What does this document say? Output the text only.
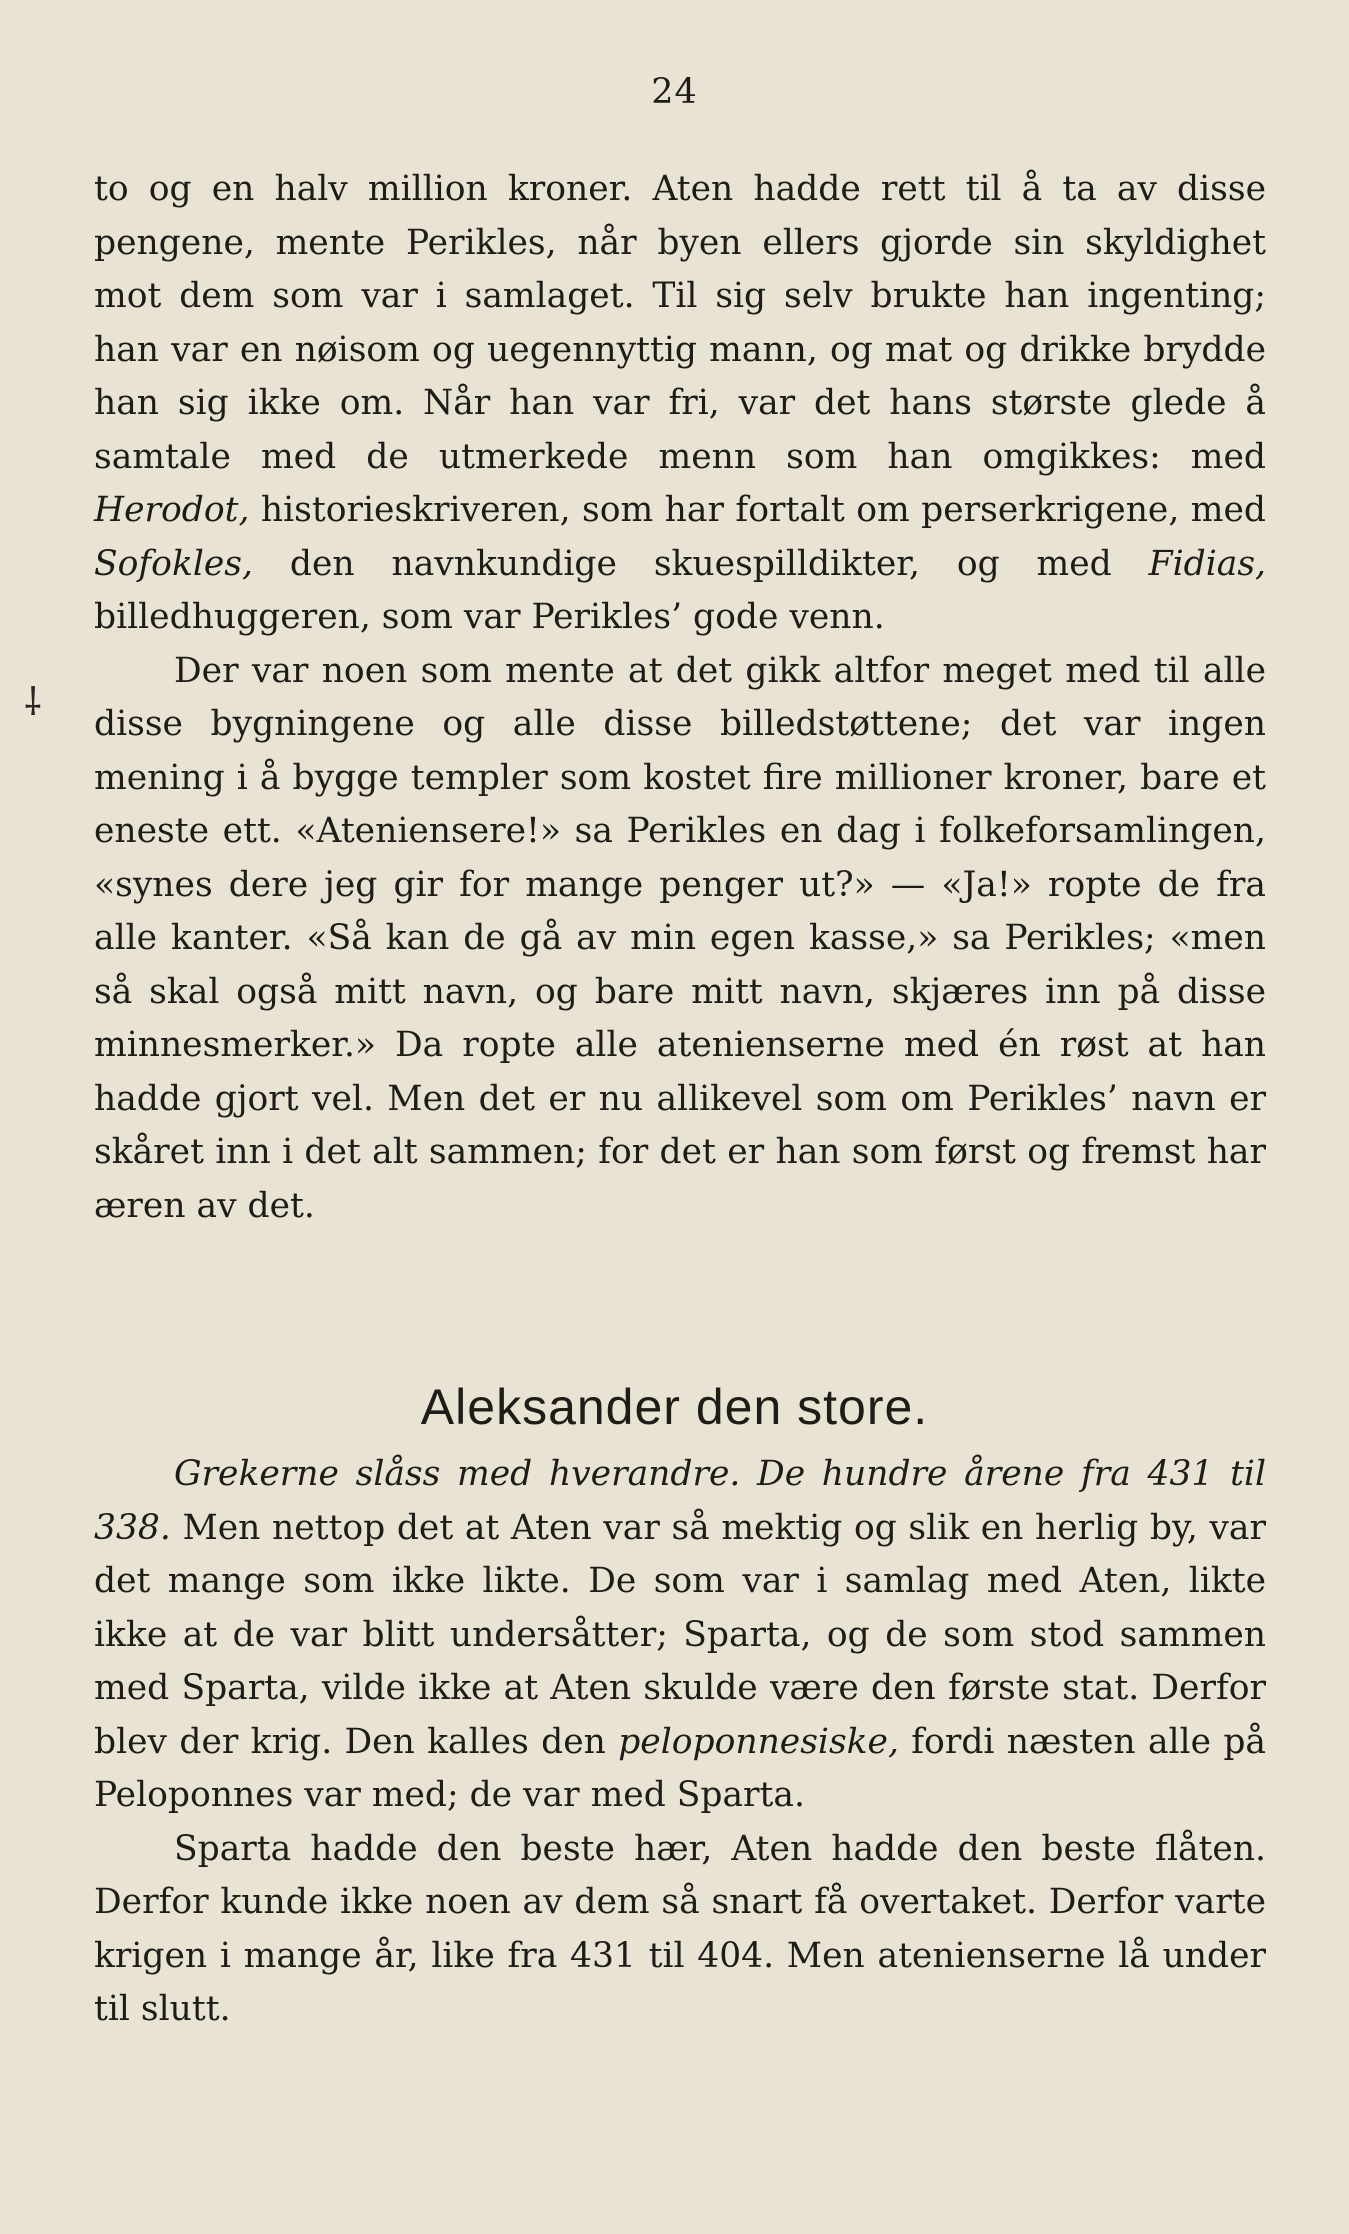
24

to og en halv million kroner. Aten hadde rett til å ta av disse pengene, mente Perikles, når byen ellers gjorde sin skyldighet mot dem som var i samlaget. Til sig selv brukte han ingenting; han var en nøisom og uegennyttig mann, og mat og drikke brydde han sig ikke om. Når han var fri, var det hans største glede å samtale med de utmerkede menn som han omgikkes: med Herodot, historieskriveren, som har fortalt om perserkrigene, med Sofokles, den navnkundige skuespilldikter, og med Fidias, billedhuggeren, som var Perikles’ gode venn.

Der var noen som mente at det gikk altfor meget med til alle disse bygningene og alle disse billedstøttene; det var ingen mening i å bygge templer som kostet fire millioner kroner, bare et eneste ett. «Ateniensere!» sa Perikles en dag i folkeforsamlingen, «synes dere jeg gir for mange penger ut?» — «Ja!» ropte de fra alle kanter. «Så kan de gå av min egen kasse,» sa Perikles; «men så skal også mitt navn, og bare mitt navn, skjæres inn på disse minnesmerker.» Da ropte alle atenienserne med én røst at han hadde gjort vel. Men det er nu allikevel som om Perikles’ navn er skåret inn i det alt sammen; for det er han som først og fremst har æren av det.

⸸
Aleksander den store.

Grekerne slåss med hverandre. De hundre årene fra 431 til 338. Men nettop det at Aten var så mektig og slik en herlig by, var det mange som ikke likte. De som var i samlag med Aten, likte ikke at de var blitt undersåtter; Sparta, og de som stod sammen med Sparta, vilde ikke at Aten skulde være den første stat. Derfor blev der krig. Den kalles den peloponnesiske, fordi næsten alle på Peloponnes var med; de var med Sparta.

Sparta hadde den beste hær, Aten hadde den beste flåten. Derfor kunde ikke noen av dem så snart få overtaket. Derfor varte krigen i mange år, like fra 431 til 404. Men atenienserne lå under til slutt.
